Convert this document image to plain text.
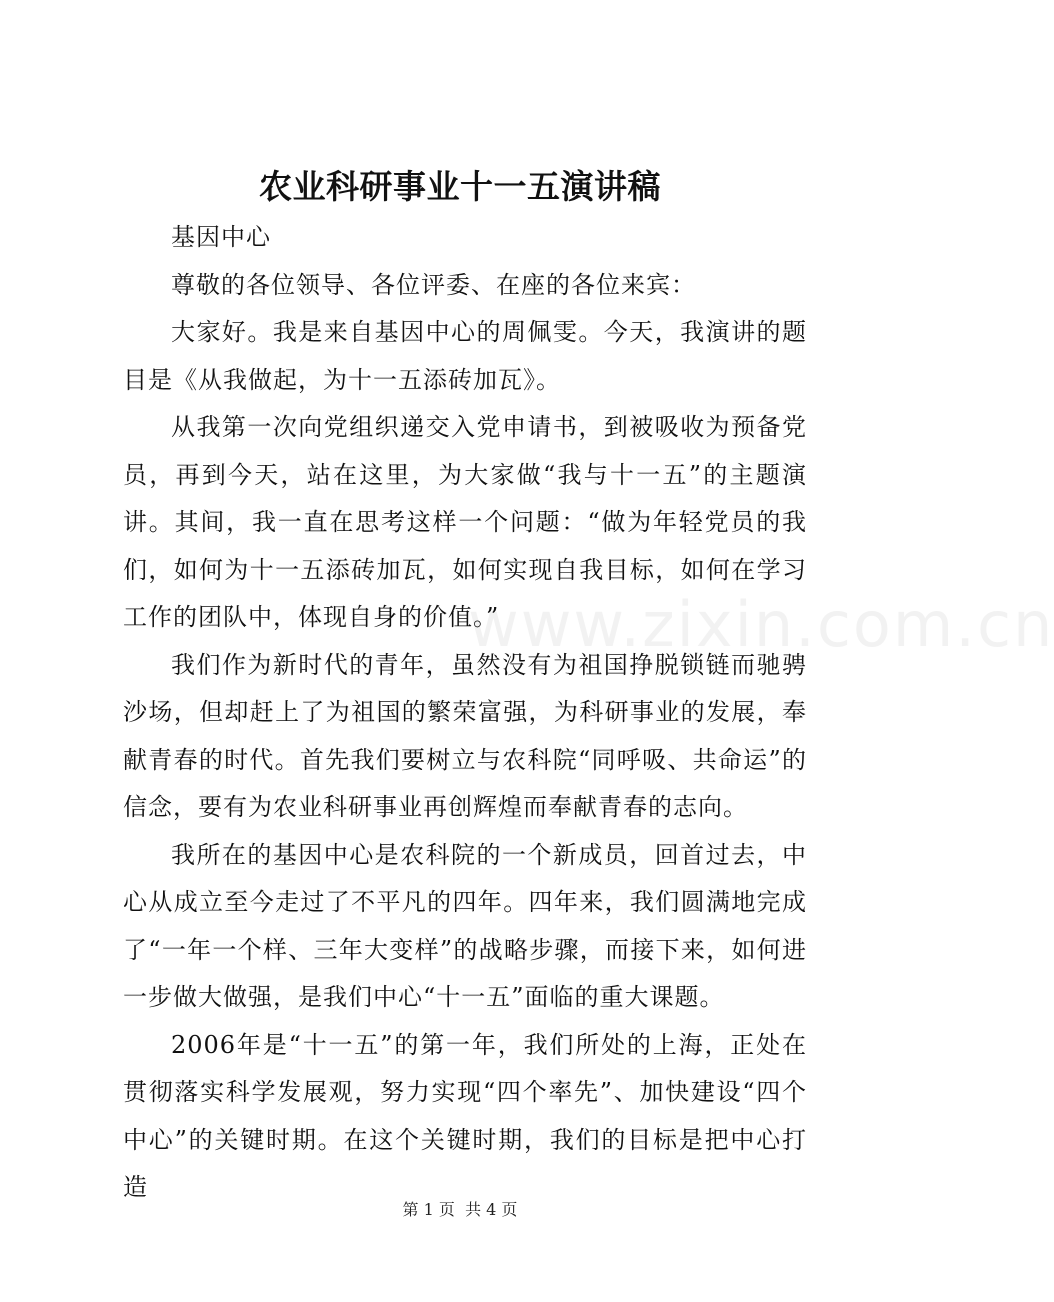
农业科研事业十一五演讲稿

基因中心

尊敬的各位领导、各位评委、在座的各位来宾：

大家好。我是来自基因中心的周佩雯。今天，我演讲的题目是《从我做起，为十一五添砖加瓦》。

从我第一次向党组织递交入党申请书，到被吸收为预备党员，再到今天，站在这里，为大家做“我与十一五”的主题演讲。其间，我一直在思考这样一个问题：“做为年轻党员的我们，如何为十一五添砖加瓦，如何实现自我目标，如何在学习工作的团队中，体现自身的价值。”

我们作为新时代的青年，虽然没有为祖国挣脱锁链而驰骋沙场，但却赶上了为祖国的繁荣富强，为科研事业的发展，奉献青春的时代。首先我们要树立与农科院“同呼吸、共命运”的信念，要有为农业科研事业再创辉煌而奉献青春的志向。

我所在的基因中心是农科院的一个新成员，回首过去，中心从成立至今走过了不平凡的四年。四年来，我们圆满地完成了“一年一个样、三年大变样”的战略步骤，而接下来，如何进一步做大做强，是我们中心“十一五”面临的重大课题。

2006年是“十一五”的第一年，我们所处的上海，正处在贯彻落实科学发展观，努力实现“四个率先”、加快建设“四个中心”的关键时期。在这个关键时期，我们的目标是把中心打造

www.zixin.com.cn
第 1 页  共 4 页
